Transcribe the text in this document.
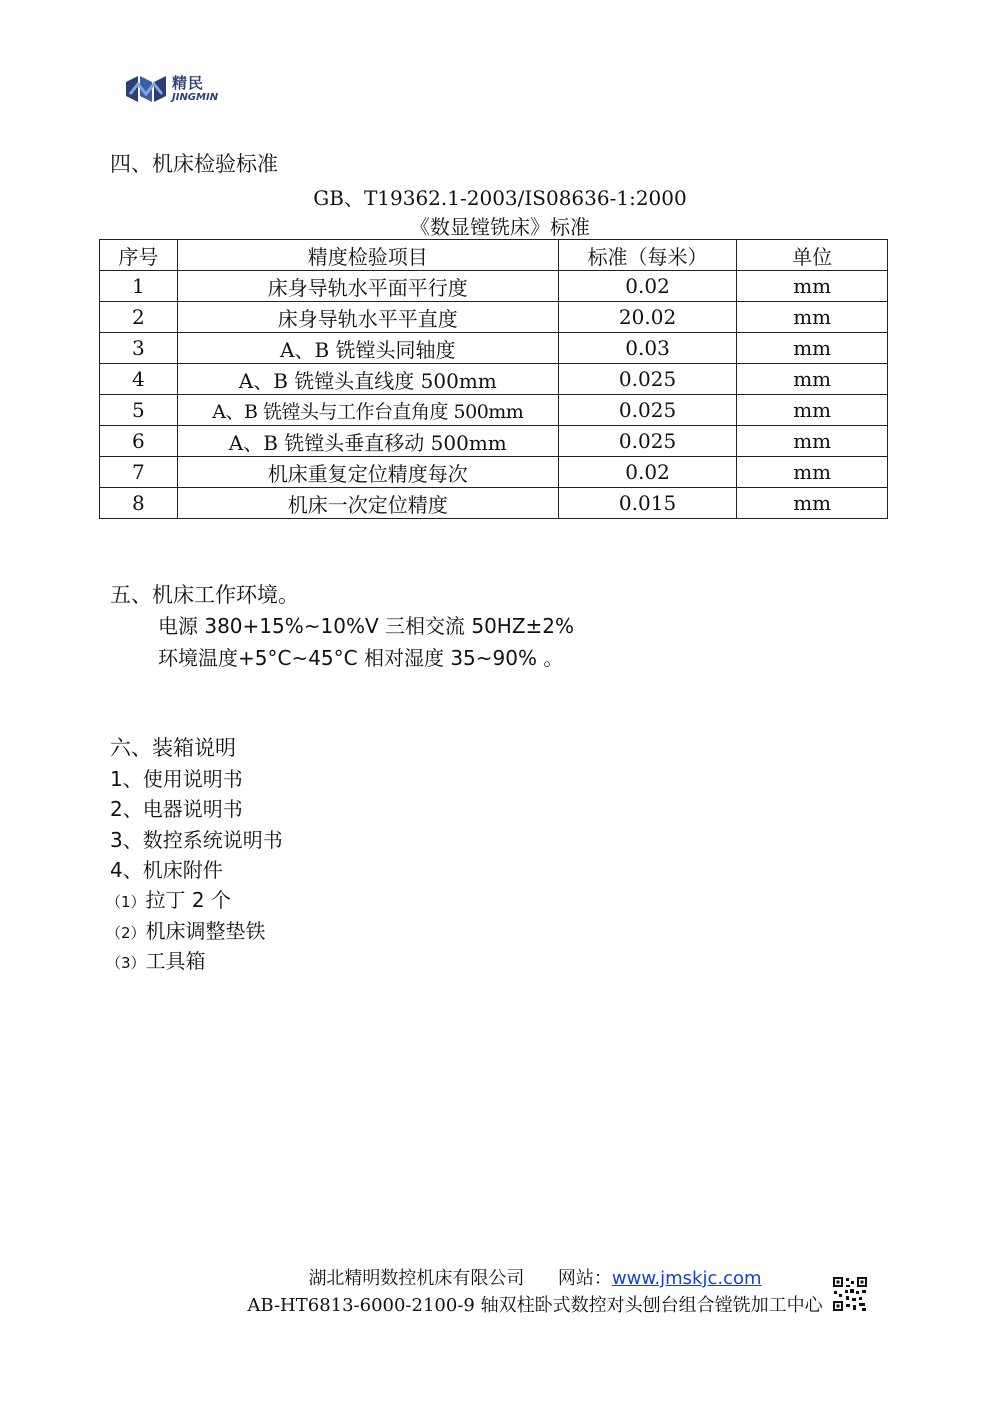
精民
JINGMIN
四、机床检验标准
GB、T19362.1-2003/IS08636-1:2000
《数显镗铣床》标准
序号	精度检验项目	标准（每米）	单位
1	床身导轨水平面平行度	0.02	mm
2	床身导轨水平平直度	20.02	mm
3	A、B 铣镗头同轴度	0.03	mm
4	A、B 铣镗头直线度 500mm	0.025	mm
5	A、B 铣镗头与工作台直角度 500mm	0.025	mm
6	A、B 铣镗头垂直移动 500mm	0.025	mm
7	机床重复定位精度每次	0.02	mm
8	机床一次定位精度	0.015	mm
五、机床工作环境。
电源 380+15%~10%V 三相交流 50HZ±2%
环境温度+5°C~45°C 相对湿度 35~90% 。
六、装箱说明
1、使用说明书
2、电器说明书
3、数控系统说明书
4、机床附件
（1）拉丁 2 个
（2）机床调整垫铁
（3）工具箱
湖北精明数控机床有限公司 网站：www.jmskjc.com
AB-HT6813-6000-2100-9 轴双柱卧式数控对头刨台组合镗铣加工中心
